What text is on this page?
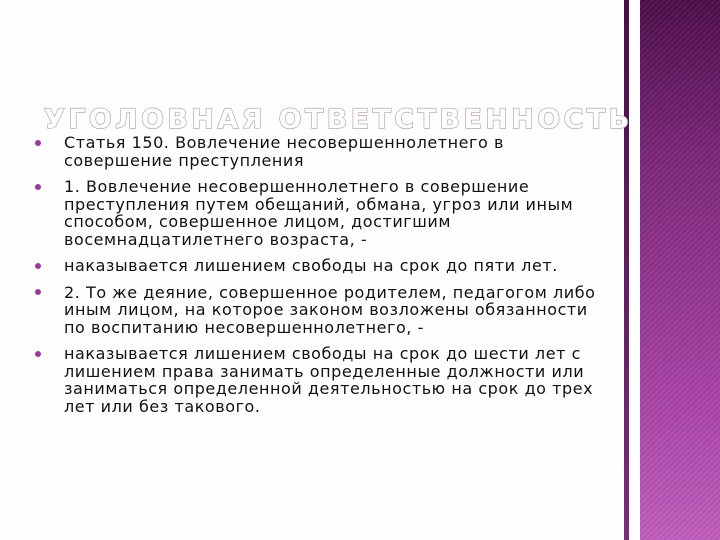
УГОЛОВНАЯ ОТВЕТСТВЕННОСТЬ
Статья 150. Вовлечение несовершеннолетнего в совершение преступления
1. Вовлечение несовершеннолетнего в совершение преступления путем обещаний, обмана, угроз или иным способом, совершенное лицом, достигшим восемнадцатилетнего возраста, -
наказывается лишением свободы на срок до пяти лет.
2. То же деяние, совершенное родителем, педагогом либо иным лицом, на которое законом возложены обязанности по воспитанию несовершеннолетнего, -
наказывается лишением свободы на срок до шести лет с лишением права занимать определенные должности или заниматься определенной деятельностью на срок до трех лет или без такового.
